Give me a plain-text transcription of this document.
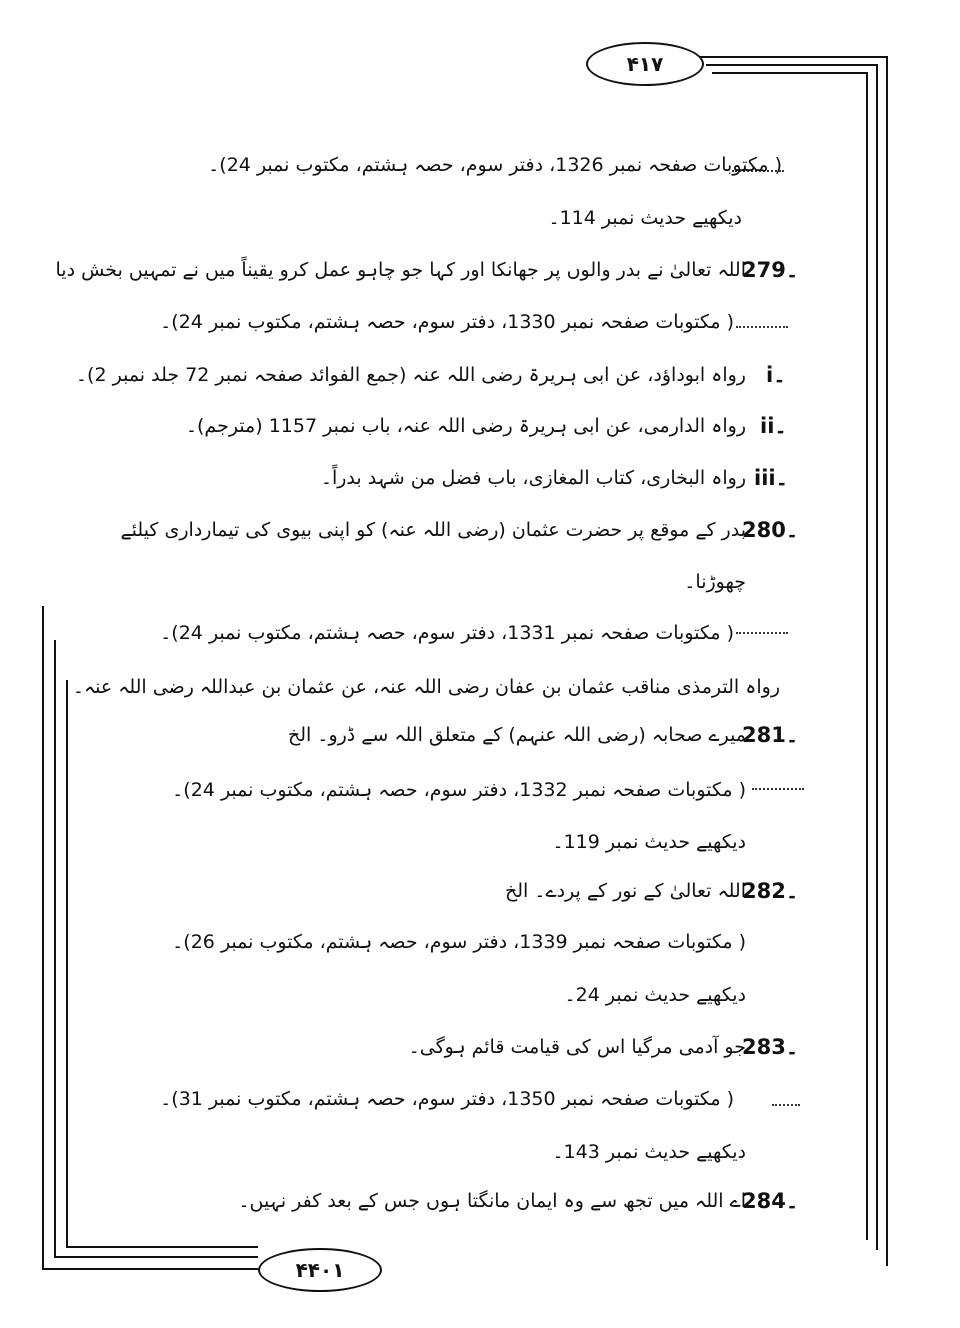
۴۱۷
۴۴۰۱
( مکتوبات صفحہ نمبر 1326، دفتر سوم، حصہ ہشتم، مکتوب نمبر 24)۔
دیکھیے حدیث نمبر 114۔
اللہ تعالیٰ نے بدر والوں پر جھانکا اور کہا جو چاہو عمل کرو یقیناً میں نے تمہیں بخش دیا
( مکتوبات صفحہ نمبر 1330، دفتر سوم، حصہ ہشتم، مکتوب نمبر 24)۔
رواہ ابوداؤد، عن ابی ہریرۃ رضی اللہ عنہ (جمع الفوائد صفحہ نمبر 72 جلد نمبر 2)۔
رواہ الدارمی، عن ابی ہریرۃ رضی اللہ عنہ، باب نمبر 1157 (مترجم)۔
رواہ البخاری، کتاب المغازی، باب فضل من شہد بدراً۔
بدر کے موقع پر حضرت عثمان (رضی اللہ عنہ) کو اپنی بیوی کی تیمارداری کیلئے
چھوڑنا۔
( مکتوبات صفحہ نمبر 1331، دفتر سوم، حصہ ہشتم، مکتوب نمبر 24)۔
رواہ الترمذی مناقب عثمان بن عفان رضی اللہ عنہ، عن عثمان بن عبداللہ رضی اللہ عنہ۔
میرے صحابہ (رضی اللہ عنہم) کے متعلق اللہ سے ڈرو۔ الخ
( مکتوبات صفحہ نمبر 1332، دفتر سوم، حصہ ہشتم، مکتوب نمبر 24)۔
دیکھیے حدیث نمبر 119۔
اللہ تعالیٰ کے نور کے پردے۔ الخ
( مکتوبات صفحہ نمبر 1339، دفتر سوم، حصہ ہشتم، مکتوب نمبر 26)۔
دیکھیے حدیث نمبر 24۔
جو آدمی مرگیا اس کی قیامت قائم ہوگی۔
( مکتوبات صفحہ نمبر 1350، دفتر سوم، حصہ ہشتم، مکتوب نمبر 31)۔
دیکھیے حدیث نمبر 143۔
اے اللہ میں تجھ سے وہ ایمان مانگتا ہوں جس کے بعد کفر نہیں۔
279۔
i۔
ii۔
iii۔
280۔
281۔
282۔
283۔
284۔
